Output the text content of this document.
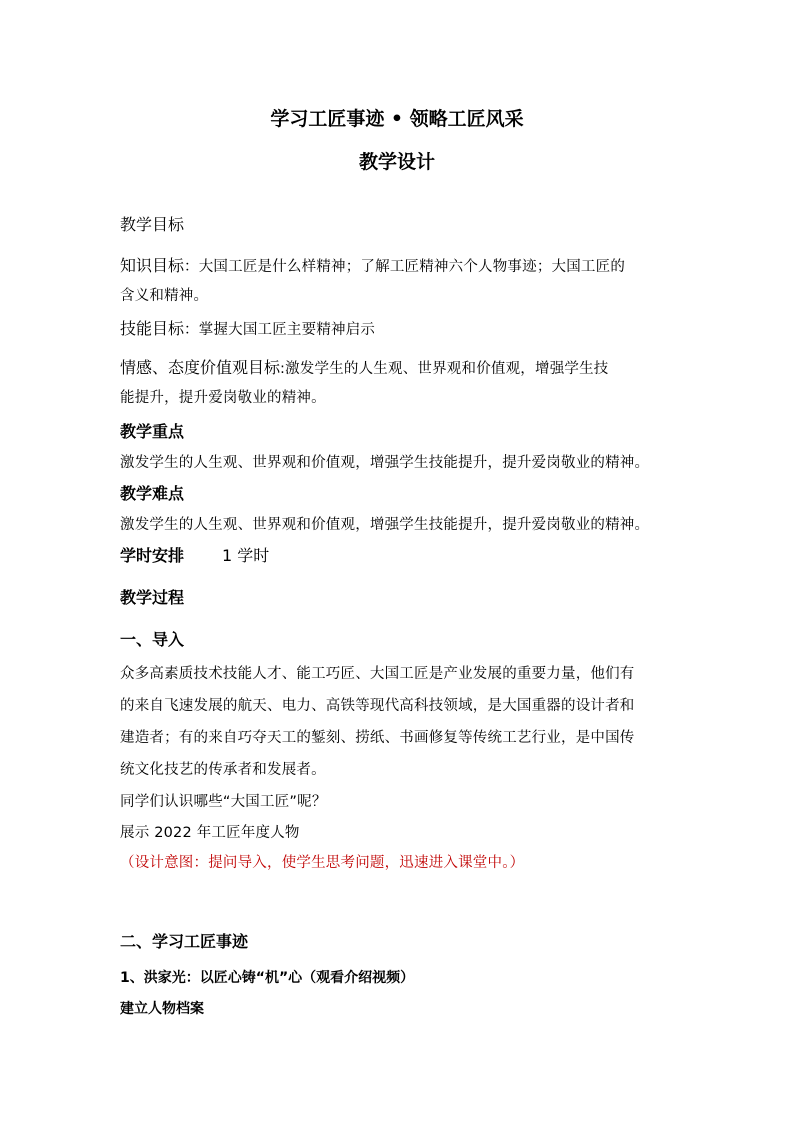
学习工匠事迹 • 领略工匠风采
教学设计
教学目标
知识目标：大国工匠是什么样精神；了解工匠精神六个人物事迹；大国工匠的
含义和精神。
技能目标：掌握大国工匠主要精神启示
情感、态度价值观目标:激发学生的人生观、世界观和价值观，增强学生技
能提升，提升爱岗敬业的精神。
教学重点
激发学生的人生观、世界观和价值观，增强学生技能提升，提升爱岗敬业的精神。
教学难点
激发学生的人生观、世界观和价值观，增强学生技能提升，提升爱岗敬业的精神。
学时安排 1 学时
教学过程
一、导入
众多高素质技术技能人才、能工巧匠、大国工匠是产业发展的重要力量，他们有
的来自飞速发展的航天、电力、高铁等现代高科技领域，是大国重器的设计者和
建造者；有的来自巧夺天工的錾刻、捞纸、书画修复等传统工艺行业，是中国传
统文化技艺的传承者和发展者。
同学们认识哪些“大国工匠”呢？
展示 2022 年工匠年度人物
（设计意图：提问导入，使学生思考问题，迅速进入课堂中。）
二、学习工匠事迹
1、洪家光：以匠心铸“机”心（观看介绍视频）
建立人物档案
